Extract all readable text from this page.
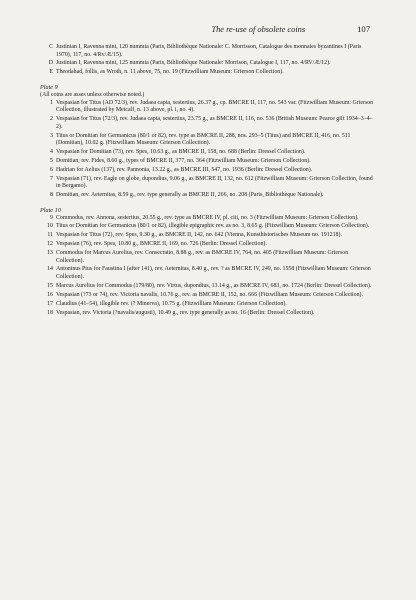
The re-use of obsolete coins	107
C Justinian I, Ravenna mint, 120 nummia (Paris, Bibliothèque Nationale: C. Morrisson, Catalogue des monnaies byzantines I (Paris 1970), 117, no. 4/Rv/Æ/15).
D Justinian I, Ravenna mint, 125 nummia (Paris, Bibliothèque Nationale: Morrison, Catalogue I, 117, no. 4/RV/Æ/12).
E Theodahad, follis, as Wroth, n. 11 above, 75, no. 19 (Fitzwilliam Museum: Grierson Collection).
Plate 9
(All coins are asses unless otherwise noted.)
1 Vespasian for Titus (AD 72/3), rev. Judaea capta, sestertius, 26.37 g., cp. BMCRE II, 117, no. 543 var. (Fitzwilliam Museum: Grierson Collection, illustrated by Metcalf, n. 13 above, pl. i, no. 4).
2 Vespasian for Titus (72/3), rev. Judaea capta, sestertius, 23.75 g., as BMCRE II, 116, no. 536 (British Museum: Pearce gift 1934–3–4–2).
3 Titus or Domitian for Germanicus (80/1 or 82), rev. type as BMCRE II, 288, nos. 293–5 (Titus) and BMCRE II, 416, no. 511 (Domitian), 10.02 g. (Fitzwilliam Museum: Grierson Collection).
4 Vespasian for Domitian (73), rev. Spes, 10.63 g., as BMCRE II, 158, no. 688 (Berlin: Dressel Collection).
5 Domitian, rev. Fides, 8.60 g., types of BMCRE II, 377, no. 364 (Fitzwilliam Museum: Grierson Collection).
6 Hadrian for Aelius (137), rev. Pannonia, 13.22 g., as BMCRE III, 547, no. 1936 (Berlin: Dressel Collection).
7 Vespasian (71), rev. Eagle on globe, dupondius, 9.06 g., as BMCRE II, 132, no. 612 (Fitzwilliam Museum: Grierson Collection, found in Bergamo).
8 Domitian, rev. Aeternitas, 8.59 g., rev. type generally as BMCRE II, 266, no. 208 (Paris, Bibliothèque Nationale).
Plate 10
9 Commodus, rev. Annona, sestertius, 20.55 g., rev. type as BMCRE IV, pl. ciii, no. 3 (Fitzwilliam Museum: Grierson Collection).
10 Titus or Domitian for Germanicus (80/1 or 82), illegible epigraphic rev. as no. 3, 8.65 g. (Fitzwilliam Museum: Grierson Collection).
11 Vespasian for Titus (72), rev. Spes, 9.30 g., as BMCRE II, 142, no. 642 (Vienna, Kunsthistorisches Museum no. 191218).
12 Vespasian (76), rev. Spes, 10.80 g., BMCRE II, 169, no. 726 (Berlin: Dressel Collection).
13 Commodus for Marcus Aurelius, rev. Consecratio, 8.88 g., rev. as BMCRE IV, 764, no. 405 (Fitzwilliam Museum: Grierson Collection).
14 Antoninus Pius for Faustina I (after 141), rev. Aeternitas, 8.40 g., rev. ? as BMCRE IV, 249, no. 1558 (Fitzwilliam Museum: Grierson Collection).
15 Marcus Aurelius for Commodus (179/80), rev. Virtus, dupondius, 13.14 g., as BMCRE IV, 683, no. 1724 (Berlin: Dressel Collection).
16 Vespasian (?73 or 74), rev. Victoria navalis, 10.76 g., rev. as BMCRE II, 152, no. 666 (Fitzwilliam Museum: Grierson Collection).
17 Claudius (41–54), illegible rev. (? Minerva), 10.75 g. (Fitzwilliam Museum: Grierson Collection).
18 Vespasian, rev. Victoria (?navalis/augusti), 10.49 g., rev. type generally as no. 16 (Berlin: Dressel Collection).
